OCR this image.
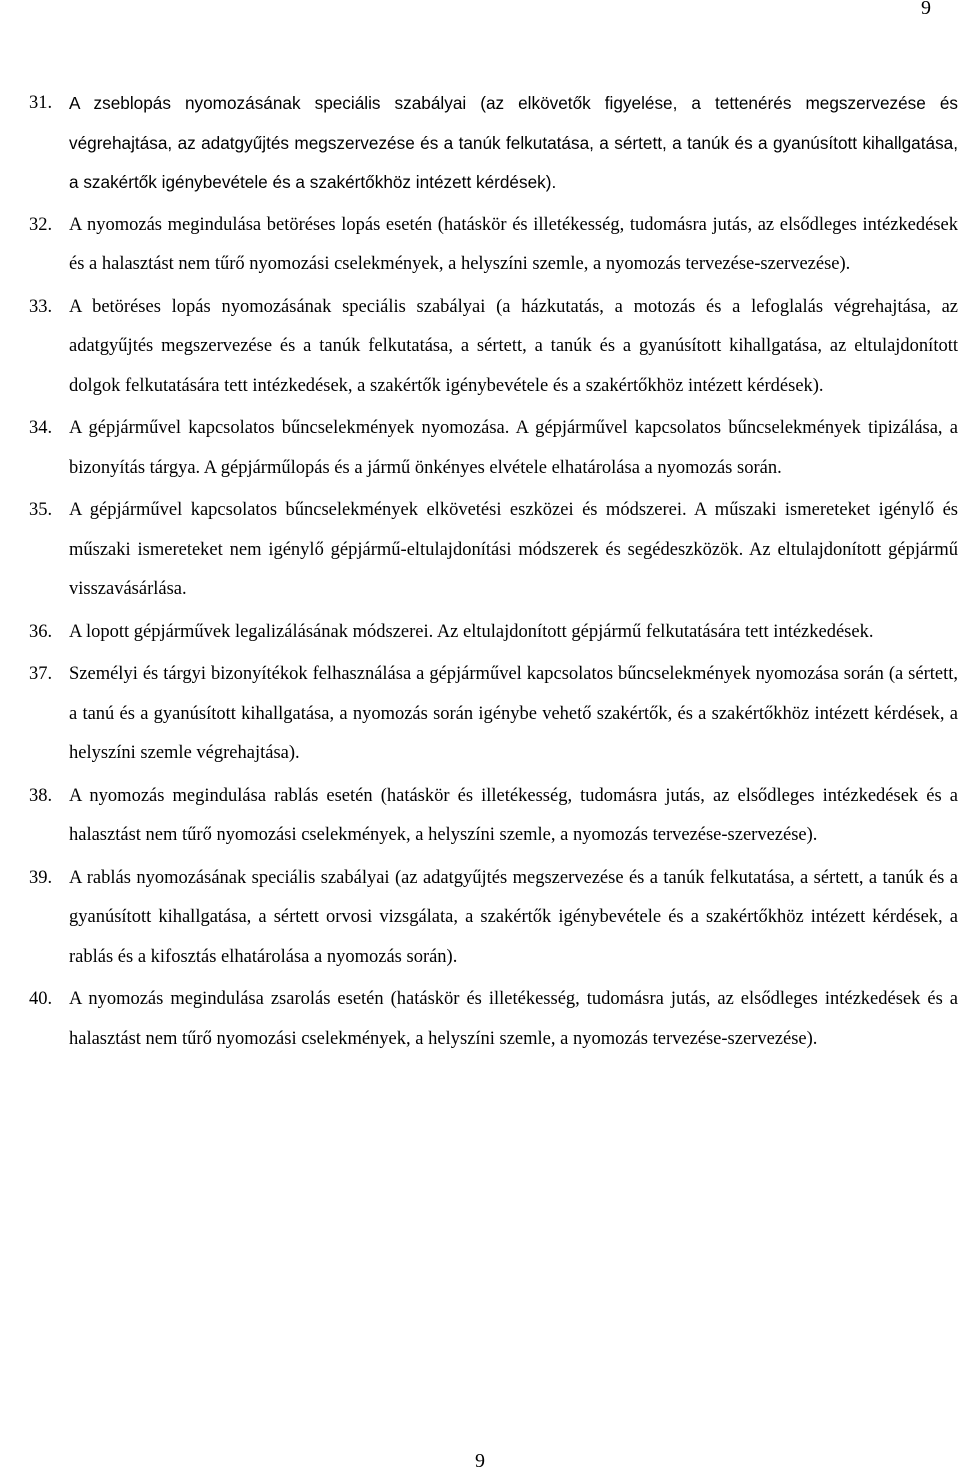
9
31. A zseblopás nyomozásának speciális szabályai (az elkövetők figyelése, a tettenérés megszervezése és végrehajtása, az adatgyűjtés megszervezése és a tanúk felkutatása, a sértett, a tanúk és a gyanúsított kihallgatása, a szakértők igénybevétele és a szakértőkhöz intézett kérdések).
32. A nyomozás megindulása betöréses lopás esetén (hatáskör és illetékesség, tudomásra jutás, az elsődleges intézkedések és a halasztást nem tűrő nyomozási cselekmények, a helyszíni szemle, a nyomozás tervezése-szervezése).
33. A betöréses lopás nyomozásának speciális szabályai (a házkutatás, a motozás és a lefoglalás végrehajtása, az adatgyűjtés megszervezése és a tanúk felkutatása, a sértett, a tanúk és a gyanúsított kihallgatása, az eltulajdonított dolgok felkutatására tett intézkedések, a szakértők igénybevétele és a szakértőkhöz intézett kérdések).
34. A gépjárművel kapcsolatos bűncselekmények nyomozása. A gépjárművel kapcsolatos bűncselekmények tipizálása, a bizonyítás tárgya. A gépjárműlopás és a jármű önkényes elvétele elhatárolása a nyomozás során.
35. A gépjárművel kapcsolatos bűncselekmények elkövetési eszközei és módszerei. A műszaki ismereteket igénylő és műszaki ismereteket nem igénylő gépjármű-eltulajdonítási módszerek és segédeszközök. Az eltulajdonított gépjármű visszavásárlása.
36. A lopott gépjárművek legalizálásának módszerei. Az eltulajdonított gépjármű felkutatására tett intézkedések.
37. Személyi és tárgyi bizonyítékok felhasználása a gépjárművel kapcsolatos bűncselekmények nyomozása során (a sértett, a tanú és a gyanúsított kihallgatása, a nyomozás során igénybe vehető szakértők, és a szakértőkhöz intézett kérdések, a helyszíni szemle végrehajtása).
38. A nyomozás megindulása rablás esetén (hatáskör és illetékesség, tudomásra jutás, az elsődleges intézkedések és a halasztást nem tűrő nyomozási cselekmények, a helyszíni szemle, a nyomozás tervezése-szervezése).
39. A rablás nyomozásának speciális szabályai (az adatgyűjtés megszervezése és a tanúk felkutatása, a sértett, a tanúk és a gyanúsított kihallgatása, a sértett orvosi vizsgálata, a szakértők igénybevétele és a szakértőkhöz intézett kérdések, a rablás és a kifosztás elhatárolása a nyomozás során).
40. A nyomozás megindulása zsarolás esetén (hatáskör és illetékesség, tudomásra jutás, az elsődleges intézkedések és a halasztást nem tűrő nyomozási cselekmények, a helyszíni szemle, a nyomozás tervezése-szervezése).
9
